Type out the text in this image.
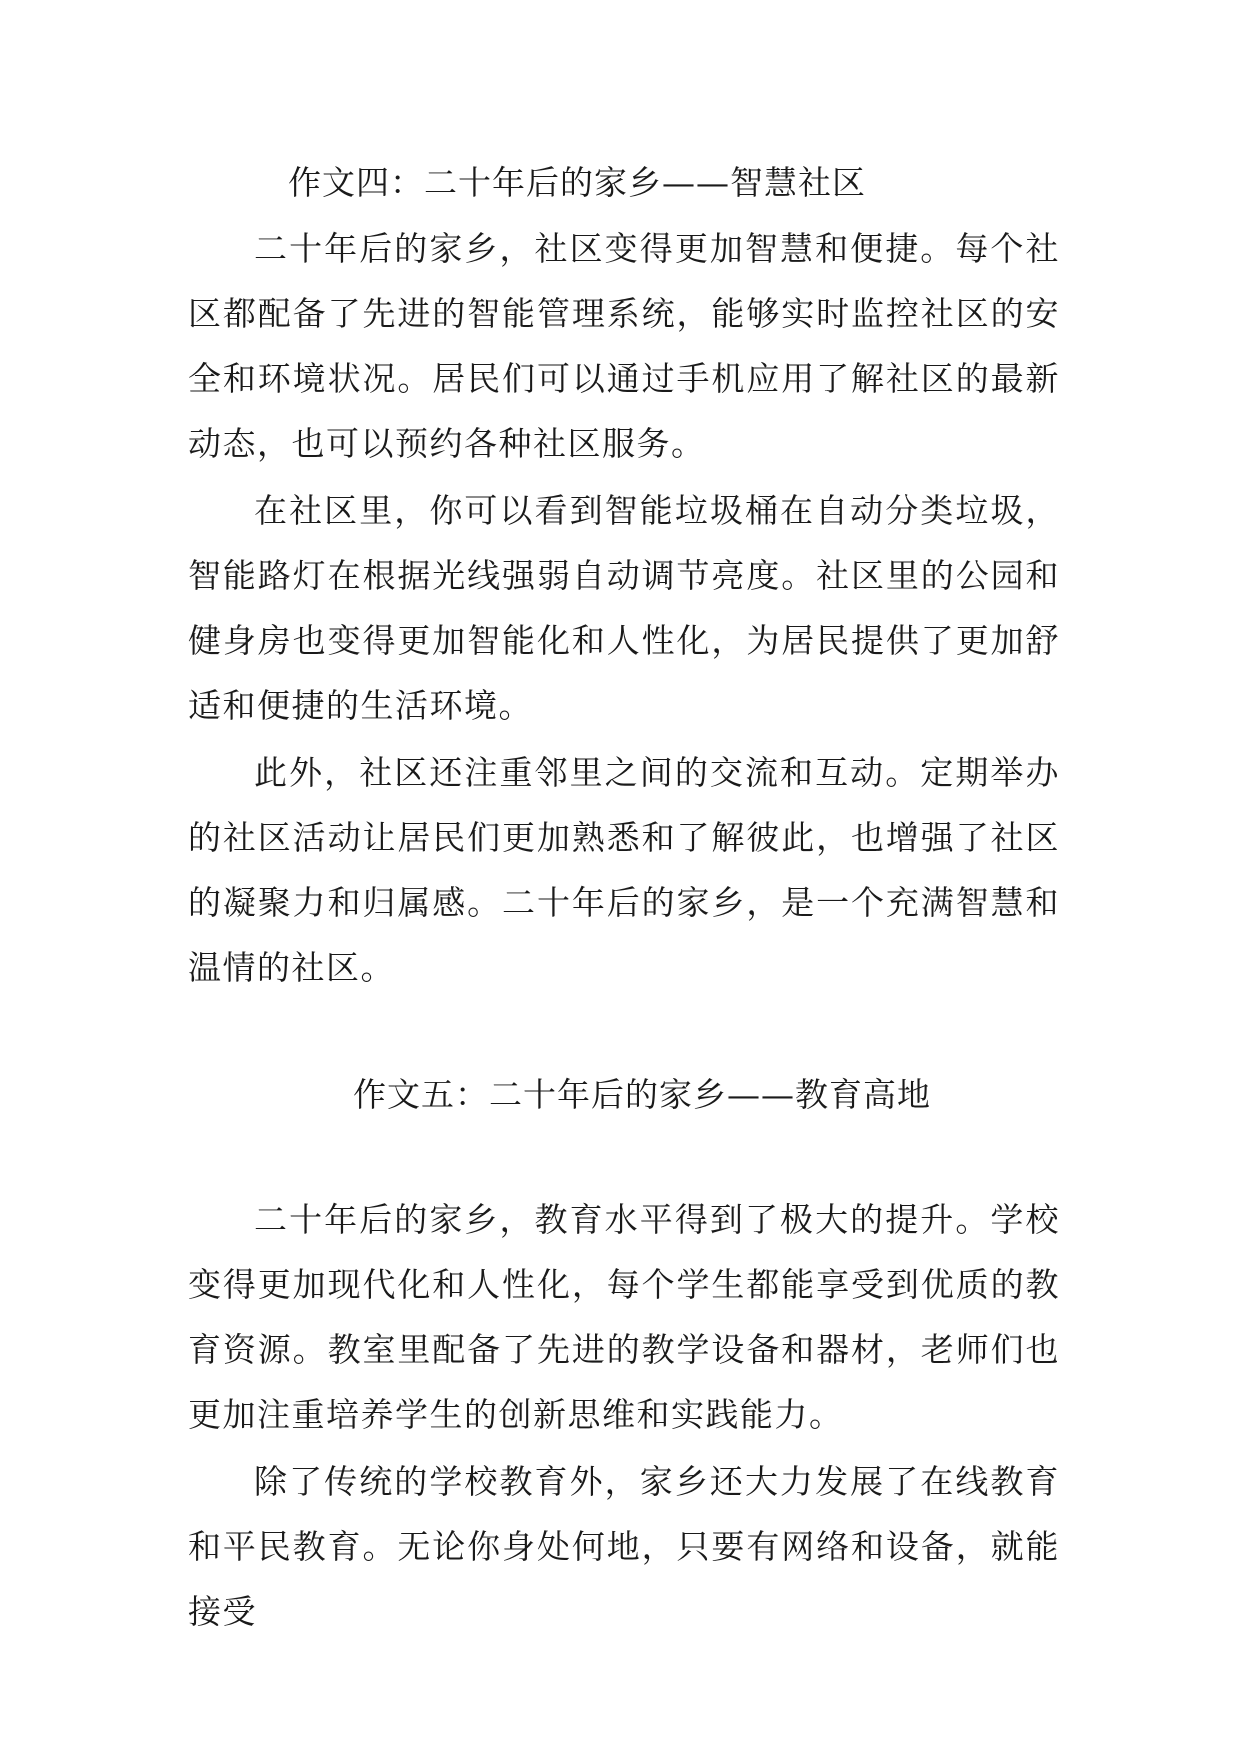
作文四：二十年后的家乡——智慧社区

二十年后的家乡，社区变得更加智慧和便捷。每个社区都配备了先进的智能管理系统，能够实时监控社区的安全和环境状况。居民们可以通过手机应用了解社区的最新动态，也可以预约各种社区服务。

在社区里，你可以看到智能垃圾桶在自动分类垃圾，智能路灯在根据光线强弱自动调节亮度。社区里的公园和健身房也变得更加智能化和人性化，为居民提供了更加舒适和便捷的生活环境。

此外，社区还注重邻里之间的交流和互动。定期举办的社区活动让居民们更加熟悉和了解彼此，也增强了社区的凝聚力和归属感。二十年后的家乡，是一个充满智慧和温情的社区。

作文五：二十年后的家乡——教育高地

二十年后的家乡，教育水平得到了极大的提升。学校变得更加现代化和人性化，每个学生都能享受到优质的教育资源。教室里配备了先进的教学设备和器材，老师们也更加注重培养学生的创新思维和实践能力。

除了传统的学校教育外，家乡还大力发展了在线教育和平民教育。无论你身处何地，只要有网络和设备，就能接受
